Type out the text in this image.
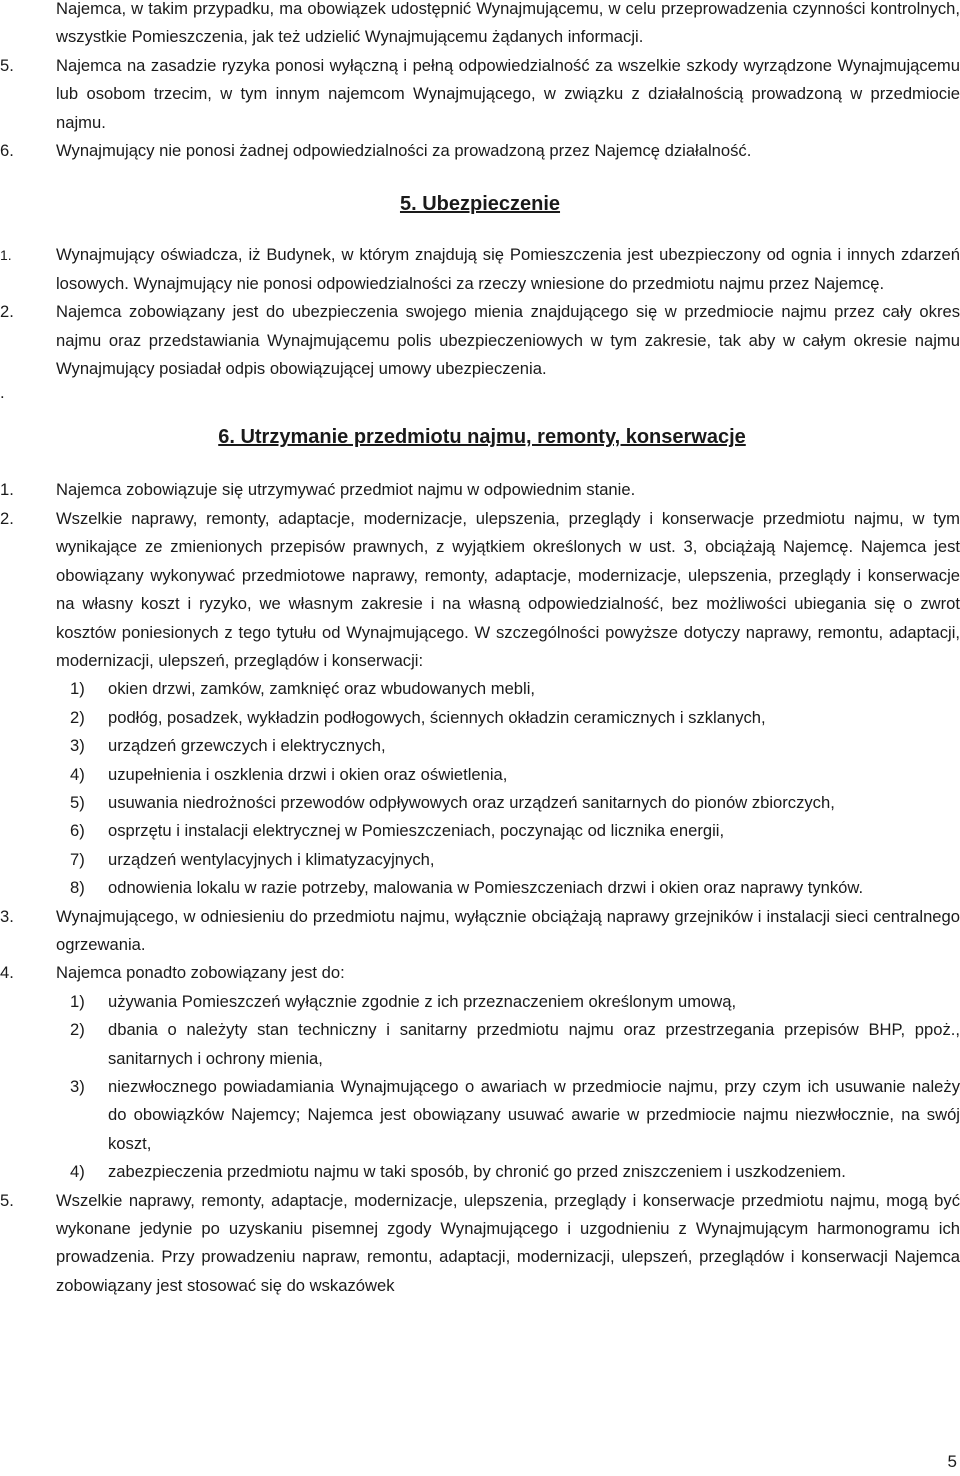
Najemca, w takim przypadku, ma obowiązek udostępnić Wynajmującemu, w celu przeprowadzenia czynności kontrolnych, wszystkie Pomieszczenia, jak też udzielić Wynajmującemu żądanych informacji.
5.	Najemca na zasadzie ryzyka ponosi wyłączną i pełną odpowiedzialność za wszelkie szkody wyrządzone Wynajmującemu lub osobom trzecim, w tym innym najemcom Wynajmującego, w związku z działalnością prowadzoną w przedmiocie najmu.
6.	Wynajmujący nie ponosi żadnej odpowiedzialności za prowadzoną przez Najemcę działalność.
5. Ubezpieczenie
1.	Wynajmujący oświadcza, iż Budynek, w którym znajdują się Pomieszczenia jest ubezpieczony od ognia i innych zdarzeń losowych. Wynajmujący nie ponosi odpowiedzialności za rzeczy wniesione do przedmiotu najmu przez Najemcę.
2.	Najemca zobowiązany jest do ubezpieczenia swojego mienia znajdującego się w przedmiocie najmu przez cały okres najmu oraz przedstawiania Wynajmującemu polis ubezpieczeniowych w tym zakresie, tak aby w całym okresie najmu Wynajmujący posiadał odpis obowiązującej umowy ubezpieczenia.
.
6. Utrzymanie przedmiotu najmu, remonty, konserwacje
1.	Najemca zobowiązuje się utrzymywać przedmiot najmu w odpowiednim stanie.
2.	Wszelkie naprawy, remonty, adaptacje, modernizacje, ulepszenia, przeglądy i konserwacje przedmiotu najmu, w tym wynikające ze zmienionych przepisów prawnych, z wyjątkiem określonych w ust. 3, obciążają Najemcę. Najemca jest obowiązany wykonywać przedmiotowe naprawy, remonty, adaptacje, modernizacje, ulepszenia, przeglądy i konserwacje na własny koszt i ryzyko, we własnym zakresie i na własną odpowiedzialność, bez możliwości ubiegania się o zwrot kosztów poniesionych z tego tytułu od Wynajmującego. W szczególności powyższe dotyczy naprawy, remontu, adaptacji, modernizacji, ulepszeń, przeglądów i konserwacji:
1)	okien drzwi, zamków, zamknięć oraz wbudowanych mebli,
2)	podłóg, posadzek, wykładzin podłogowych, ściennych okładzin ceramicznych i szklanych,
3)	urządzeń grzewczych i elektrycznych,
4)	uzupełnienia i oszklenia drzwi i okien oraz oświetlenia,
5)	usuwania niedrożności przewodów odpływowych oraz urządzeń sanitarnych do pionów zbiorczych,
6)	osprzętu i instalacji elektrycznej w Pomieszczeniach, poczynając od licznika energii,
7)	urządzeń wentylacyjnych i klimatyzacyjnych,
8)	odnowienia lokalu w razie potrzeby, malowania w Pomieszczeniach drzwi i okien oraz naprawy tynków.
3.	Wynajmującego, w odniesieniu do przedmiotu najmu, wyłącznie obciążają naprawy grzejników i instalacji sieci centralnego ogrzewania.
4.	Najemca ponadto zobowiązany jest do:
1)	używania Pomieszczeń wyłącznie zgodnie z ich przeznaczeniem określonym umową,
2)	dbania o należyty stan techniczny i sanitarny przedmiotu najmu oraz przestrzegania przepisów BHP, ppoż., sanitarnych i ochrony mienia,
3)	niezwłocznego powiadamiania Wynajmującego o awariach w przedmiocie najmu, przy czym ich usuwanie należy do obowiązków Najemcy; Najemca jest obowiązany usuwać awarie w przedmiocie najmu niezwłocznie, na swój koszt,
4)	zabezpieczenia przedmiotu najmu w taki sposób, by chronić go przed zniszczeniem i uszkodzeniem.
5.	Wszelkie naprawy, remonty, adaptacje, modernizacje, ulepszenia, przeglądy i konserwacje przedmiotu najmu, mogą być wykonane jedynie po uzyskaniu pisemnej zgody Wynajmującego i uzgodnieniu z Wynajmującym harmonogramu ich prowadzenia. Przy prowadzeniu napraw, remontu, adaptacji, modernizacji, ulepszeń, przeglądów i konserwacji Najemca zobowiązany jest stosować się do wskazówek
5
